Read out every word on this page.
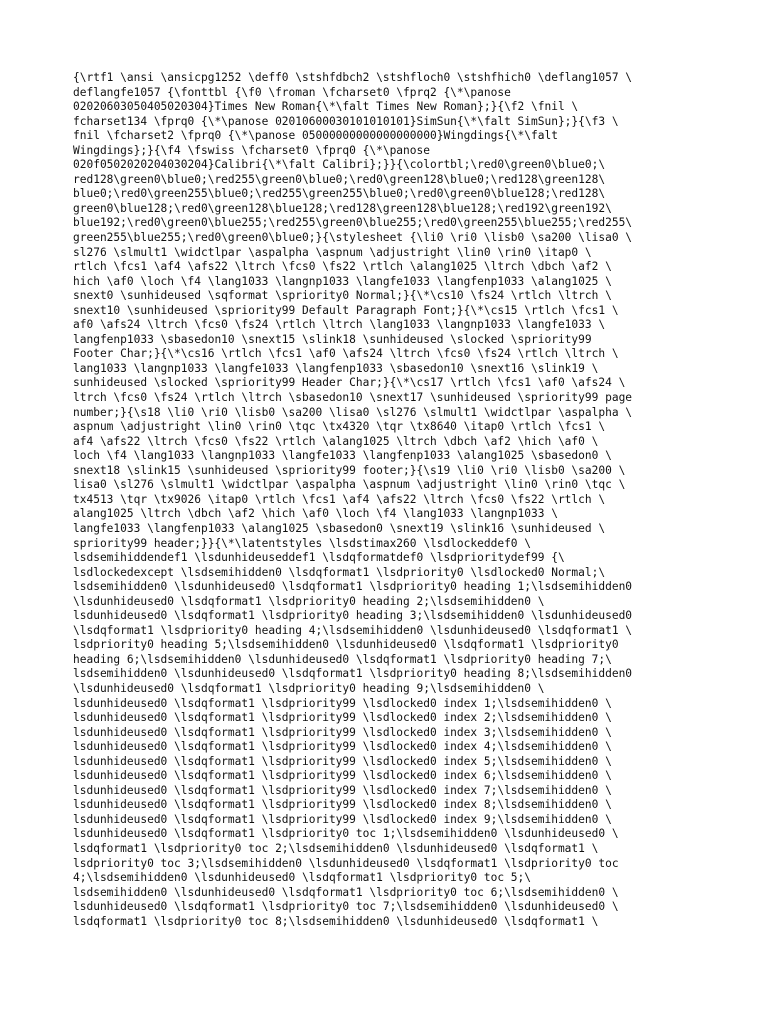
{\rtf1 \ansi \ansicpg1252 \deff0 \stshfdbch2 \stshfloch0 \stshfhich0 \deflang1057 \
deflangfe1057 {\fonttbl {\f0 \froman \fcharset0 \fprq2 {\*\panose
02020603050405020304}Times New Roman{\*\falt Times New Roman};}{\f2 \fnil \
fcharset134 \fprq0 {\*\panose 02010600030101010101}SimSun{\*\falt SimSun};}{\f3 \
fnil \fcharset2 \fprq0 {\*\panose 05000000000000000000}Wingdings{\*\falt
Wingdings};}{\f4 \fswiss \fcharset0 \fprq0 {\*\panose
020f0502020204030204}Calibri{\*\falt Calibri};}}{\colortbl;\red0\green0\blue0;\
red128\green0\blue0;\red255\green0\blue0;\red0\green128\blue0;\red128\green128\
blue0;\red0\green255\blue0;\red255\green255\blue0;\red0\green0\blue128;\red128\
green0\blue128;\red0\green128\blue128;\red128\green128\blue128;\red192\green192\
blue192;\red0\green0\blue255;\red255\green0\blue255;\red0\green255\blue255;\red255\
green255\blue255;\red0\green0\blue0;}{\stylesheet {\li0 \ri0 \lisb0 \sa200 \lisa0 \
sl276 \slmult1 \widctlpar \aspalpha \aspnum \adjustright \lin0 \rin0 \itap0 \
rtlch \fcs1 \af4 \afs22 \ltrch \fcs0 \fs22 \rtlch \alang1025 \ltrch \dbch \af2 \
hich \af0 \loch \f4 \lang1033 \langnp1033 \langfe1033 \langfenp1033 \alang1025 \
snext0 \sunhideused \sqformat \spriority0 Normal;}{\*\cs10 \fs24 \rtlch \ltrch \
snext10 \sunhideused \spriority99 Default Paragraph Font;}{\*\cs15 \rtlch \fcs1 \
af0 \afs24 \ltrch \fcs0 \fs24 \rtlch \ltrch \lang1033 \langnp1033 \langfe1033 \
langfenp1033 \sbasedon10 \snext15 \slink18 \sunhideused \slocked \spriority99
Footer Char;}{\*\cs16 \rtlch \fcs1 \af0 \afs24 \ltrch \fcs0 \fs24 \rtlch \ltrch \
lang1033 \langnp1033 \langfe1033 \langfenp1033 \sbasedon10 \snext16 \slink19 \
sunhideused \slocked \spriority99 Header Char;}{\*\cs17 \rtlch \fcs1 \af0 \afs24 \
ltrch \fcs0 \fs24 \rtlch \ltrch \sbasedon10 \snext17 \sunhideused \spriority99 page
number;}{\s18 \li0 \ri0 \lisb0 \sa200 \lisa0 \sl276 \slmult1 \widctlpar \aspalpha \
aspnum \adjustright \lin0 \rin0 \tqc \tx4320 \tqr \tx8640 \itap0 \rtlch \fcs1 \
af4 \afs22 \ltrch \fcs0 \fs22 \rtlch \alang1025 \ltrch \dbch \af2 \hich \af0 \
loch \f4 \lang1033 \langnp1033 \langfe1033 \langfenp1033 \alang1025 \sbasedon0 \
snext18 \slink15 \sunhideused \spriority99 footer;}{\s19 \li0 \ri0 \lisb0 \sa200 \
lisa0 \sl276 \slmult1 \widctlpar \aspalpha \aspnum \adjustright \lin0 \rin0 \tqc \
tx4513 \tqr \tx9026 \itap0 \rtlch \fcs1 \af4 \afs22 \ltrch \fcs0 \fs22 \rtlch \
alang1025 \ltrch \dbch \af2 \hich \af0 \loch \f4 \lang1033 \langnp1033 \
langfe1033 \langfenp1033 \alang1025 \sbasedon0 \snext19 \slink16 \sunhideused \
spriority99 header;}}{\*\latentstyles \lsdstimax260 \lsdlockeddef0 \
lsdsemihiddendef1 \lsdunhideuseddef1 \lsdqformatdef0 \lsdprioritydef99 {\
lsdlockedexcept \lsdsemihidden0 \lsdqformat1 \lsdpriority0 \lsdlocked0 Normal;\
lsdsemihidden0 \lsdunhideused0 \lsdqformat1 \lsdpriority0 heading 1;\lsdsemihidden0
\lsdunhideused0 \lsdqformat1 \lsdpriority0 heading 2;\lsdsemihidden0 \
lsdunhideused0 \lsdqformat1 \lsdpriority0 heading 3;\lsdsemihidden0 \lsdunhideused0
\lsdqformat1 \lsdpriority0 heading 4;\lsdsemihidden0 \lsdunhideused0 \lsdqformat1 \
lsdpriority0 heading 5;\lsdsemihidden0 \lsdunhideused0 \lsdqformat1 \lsdpriority0
heading 6;\lsdsemihidden0 \lsdunhideused0 \lsdqformat1 \lsdpriority0 heading 7;\
lsdsemihidden0 \lsdunhideused0 \lsdqformat1 \lsdpriority0 heading 8;\lsdsemihidden0
\lsdunhideused0 \lsdqformat1 \lsdpriority0 heading 9;\lsdsemihidden0 \
lsdunhideused0 \lsdqformat1 \lsdpriority99 \lsdlocked0 index 1;\lsdsemihidden0 \
lsdunhideused0 \lsdqformat1 \lsdpriority99 \lsdlocked0 index 2;\lsdsemihidden0 \
lsdunhideused0 \lsdqformat1 \lsdpriority99 \lsdlocked0 index 3;\lsdsemihidden0 \
lsdunhideused0 \lsdqformat1 \lsdpriority99 \lsdlocked0 index 4;\lsdsemihidden0 \
lsdunhideused0 \lsdqformat1 \lsdpriority99 \lsdlocked0 index 5;\lsdsemihidden0 \
lsdunhideused0 \lsdqformat1 \lsdpriority99 \lsdlocked0 index 6;\lsdsemihidden0 \
lsdunhideused0 \lsdqformat1 \lsdpriority99 \lsdlocked0 index 7;\lsdsemihidden0 \
lsdunhideused0 \lsdqformat1 \lsdpriority99 \lsdlocked0 index 8;\lsdsemihidden0 \
lsdunhideused0 \lsdqformat1 \lsdpriority99 \lsdlocked0 index 9;\lsdsemihidden0 \
lsdunhideused0 \lsdqformat1 \lsdpriority0 toc 1;\lsdsemihidden0 \lsdunhideused0 \
lsdqformat1 \lsdpriority0 toc 2;\lsdsemihidden0 \lsdunhideused0 \lsdqformat1 \
lsdpriority0 toc 3;\lsdsemihidden0 \lsdunhideused0 \lsdqformat1 \lsdpriority0 toc
4;\lsdsemihidden0 \lsdunhideused0 \lsdqformat1 \lsdpriority0 toc 5;\
lsdsemihidden0 \lsdunhideused0 \lsdqformat1 \lsdpriority0 toc 6;\lsdsemihidden0 \
lsdunhideused0 \lsdqformat1 \lsdpriority0 toc 7;\lsdsemihidden0 \lsdunhideused0 \
lsdqformat1 \lsdpriority0 toc 8;\lsdsemihidden0 \lsdunhideused0 \lsdqformat1 \
